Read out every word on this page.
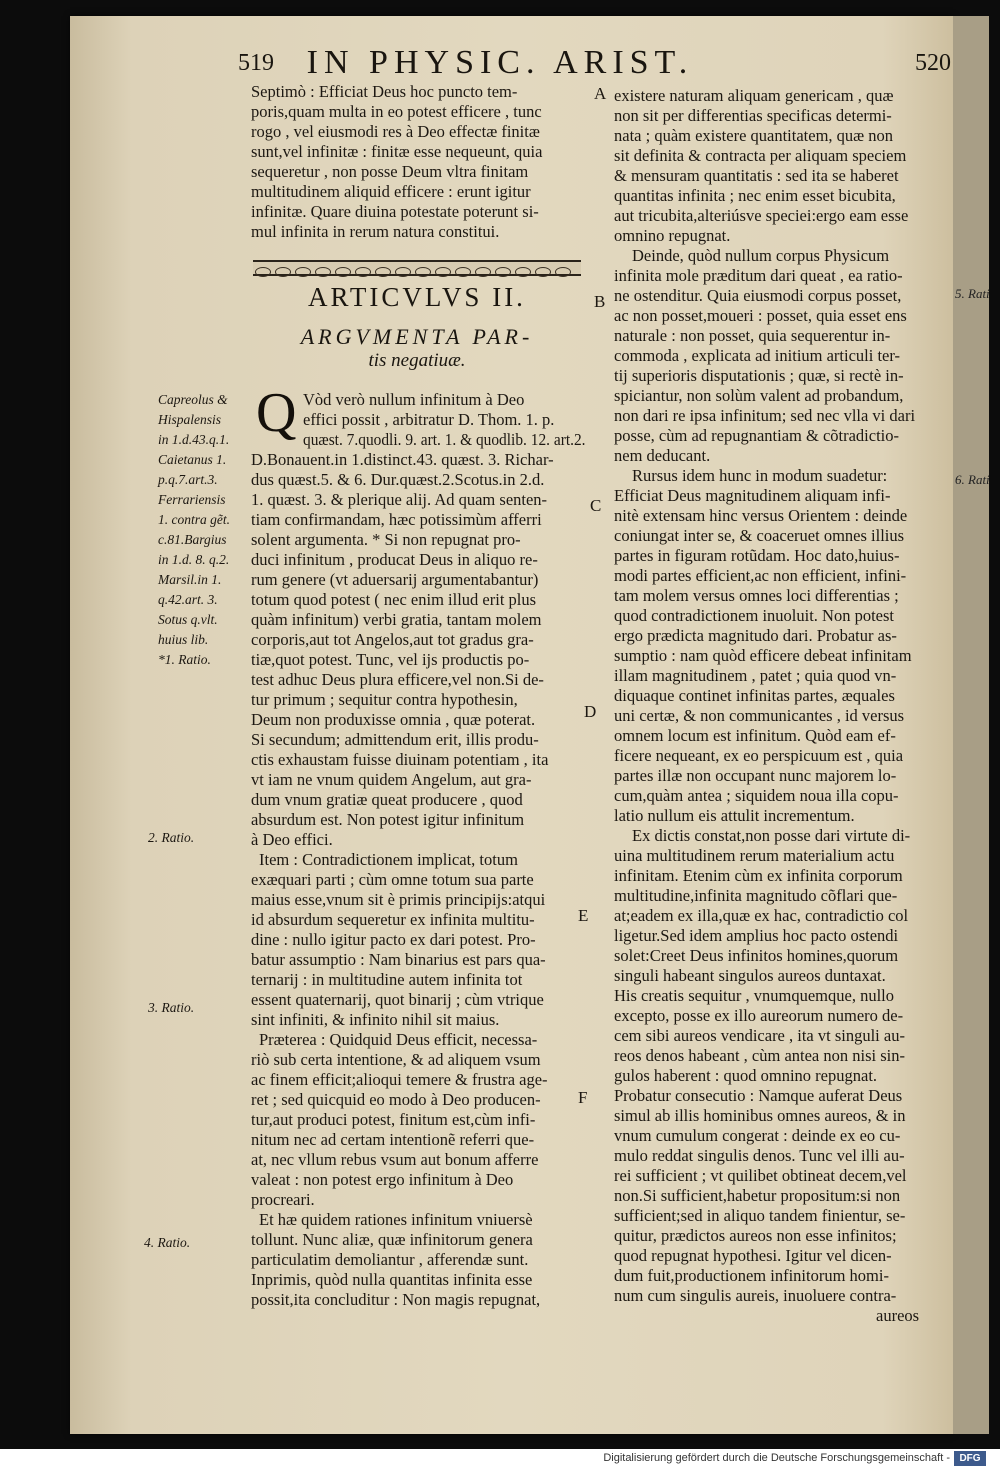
5. Rati
6. Rati
519 IN PHYSIC. ARIST.	520
Septimò : Efficiat Deus hoc puncto tem-
poris,quam multa in eo potest efficere , tunc
rogo , vel eiusmodi res à Deo effectæ finitæ
sunt,vel infinitæ : finitæ esse nequeunt, quia
sequeretur , non posse Deum vltra finitam
multitudinem aliquid efficere : erunt igitur
infinitæ. Quare diuina potestate poterunt si-
mul infinita in rerum natura constitui.
ARTICVLVS II.
ARGVMENTA PAR-
tis negatiuæ.
Q Vòd verò nullum infinitum à Deo
effici possit , arbitratur D. Thom. 1. p.
quæst. 7.quodli. 9. art. 1. & quodlib. 12. art.2.
D.Bonauent.in 1.distinct.43. quæst. 3. Richar-
dus quæst.5. & 6. Dur.quæst.2.Scotus.in 2.d.
1. quæst. 3. & plerique alij. Ad quam senten-
tiam confirmandam, hæc potissimùm afferri
solent argumenta. * Si non repugnat pro-
duci infinitum , producat Deus in aliquo re-
rum genere (vt aduersarij argumentabantur)
totum quod potest ( nec enim illud erit plus
quàm infinitum) verbi gratia, tantam molem
corporis,aut tot Angelos,aut tot gradus gra-
tiæ,quot potest. Tunc, vel ijs productis po-
test adhuc Deus plura efficere,vel non.Si de-
tur primum ; sequitur contra hypothesin,
Deum non produxisse omnia , quæ poterat.
Si secundum; admittendum erit, illis produ-
ctis exhaustam fuisse diuinam potentiam , ita
vt iam ne vnum quidem Angelum, aut gra-
dum vnum gratiæ queat producere , quod
absurdum est. Non potest igitur infinitum
à Deo effici.
Item : Contradictionem implicat, totum
exæquari parti ; cùm omne totum sua parte
maius esse,vnum sit è primis principijs:atqui
id absurdum sequeretur ex infinita multitu-
dine : nullo igitur pacto ex dari potest. Pro-
batur assumptio : Nam binarius est pars qua-
ternarij : in multitudine autem infinita tot
essent quaternarij, quot binarij ; cùm vtrique
sint infiniti, & infinito nihil sit maius.
Præterea : Quidquid Deus efficit, necessa-
riò sub certa intentione, & ad aliquem vsum
ac finem efficit;alioqui temere & frustra age-
ret ; sed quicquid eo modo à Deo producen-
tur,aut produci potest, finitum est,cùm infi-
nitum nec ad certam intentionẽ referri que-
at, nec vllum rebus vsum aut bonum afferre
valeat : non potest ergo infinitum à Deo
procreari.
Et hæ quidem rationes infinitum vniuersè
tollunt. Nunc aliæ, quæ infinitorum genera
particulatim demoliantur , afferendæ sunt.
Inprimis, quòd nulla quantitas infinita esse
possit,ita concluditur : Non magis repugnat,
Capreolus &
Hispalensis
in 1.d.43.q.1.
Caietanus 1.
p.q.7.art.3.
Ferrariensis
1. contra gẽt.
c.81.Bargius
in 1.d. 8. q.2.
Marsil.in 1.
q.42.art. 3.
Sotus q.vlt.
huius lib.
*1. Ratio.
2. Ratio.
3. Ratio.
4. Ratio.
A
B
C
D
E
F
existere naturam aliquam genericam , quæ
non sit per differentias specificas determi-
nata ; quàm existere quantitatem, quæ non
sit definita & contracta per aliquam speciem
& mensuram quantitatis : sed ita se haberet
quantitas infinita ; nec enim esset bicubita,
aut tricubita,alteriúsve speciei:ergo eam esse
omnino repugnat.
Deinde, quòd nullum corpus Physicum
infinita mole præditum dari queat , ea ratio-
ne ostenditur. Quia eiusmodi corpus posset,
ac non posset,moueri : posset, quia esset ens
naturale : non posset, quia sequerentur in-
commoda , explicata ad initium articuli ter-
tij superioris disputationis ; quæ, si rectè in-
spiciantur, non solùm valent ad probandum,
non dari re ipsa infinitum; sed nec vlla vi dari
posse, cùm ad repugnantiam & cõtradictio-
nem deducant.
Rursus idem hunc in modum suadetur:
Efficiat Deus magnitudinem aliquam infi-
nitè extensam hinc versus Orientem : deinde
coniungat inter se, & coaceruet omnes illius
partes in figuram rotũdam. Hoc dato,huius-
modi partes efficient,ac non efficient, infini-
tam molem versus omnes loci differentias ;
quod contradictionem inuoluit. Non potest
ergo prædicta magnitudo dari. Probatur as-
sumptio : nam quòd efficere debeat infinitam
illam magnitudinem , patet ; quia quod vn-
diquaque continet infinitas partes, æquales
uni certæ, & non communicantes , id versus
omnem locum est infinitum. Quòd eam ef-
ficere nequeant, ex eo perspicuum est , quia
partes illæ non occupant nunc majorem lo-
cum,quàm antea ; siquidem noua illa copu-
latio nullum eis attulit incrementum.
Ex dictis constat,non posse dari virtute di-
uina multitudinem rerum materialium actu
infinitam. Etenim cùm ex infinita corporum
multitudine,infinita magnitudo cõflari que-
at;eadem ex illa,quæ ex hac, contradictio col
ligetur.Sed idem amplius hoc pacto ostendi
solet:Creet Deus infinitos homines,quorum
singuli habeant singulos aureos duntaxat.
His creatis sequitur , vnumquemque, nullo
excepto, posse ex illo aureorum numero de-
cem sibi aureos vendicare , ita vt singuli au-
reos denos habeant , cùm antea non nisi sin-
gulos haberent : quod omnino repugnat.
Probatur consecutio : Namque auferat Deus
simul ab illis hominibus omnes aureos, & in
vnum cumulum congerat : deinde ex eo cu-
mulo reddat singulis denos. Tunc vel illi au-
rei sufficient ; vt quilibet obtineat decem,vel
non.Si sufficient,habetur propositum:si non
sufficient;sed in aliquo tandem finientur, se-
quitur, prædictos aureos non esse infinitos;
quod repugnat hypothesi. Igitur vel dicen-
dum fuit,productionem infinitorum homi-
num cum singulis aureis, inuoluere contra-
aureos
Digitalisierung gefördert durch die Deutsche Forschungsgemeinschaft - DFG
